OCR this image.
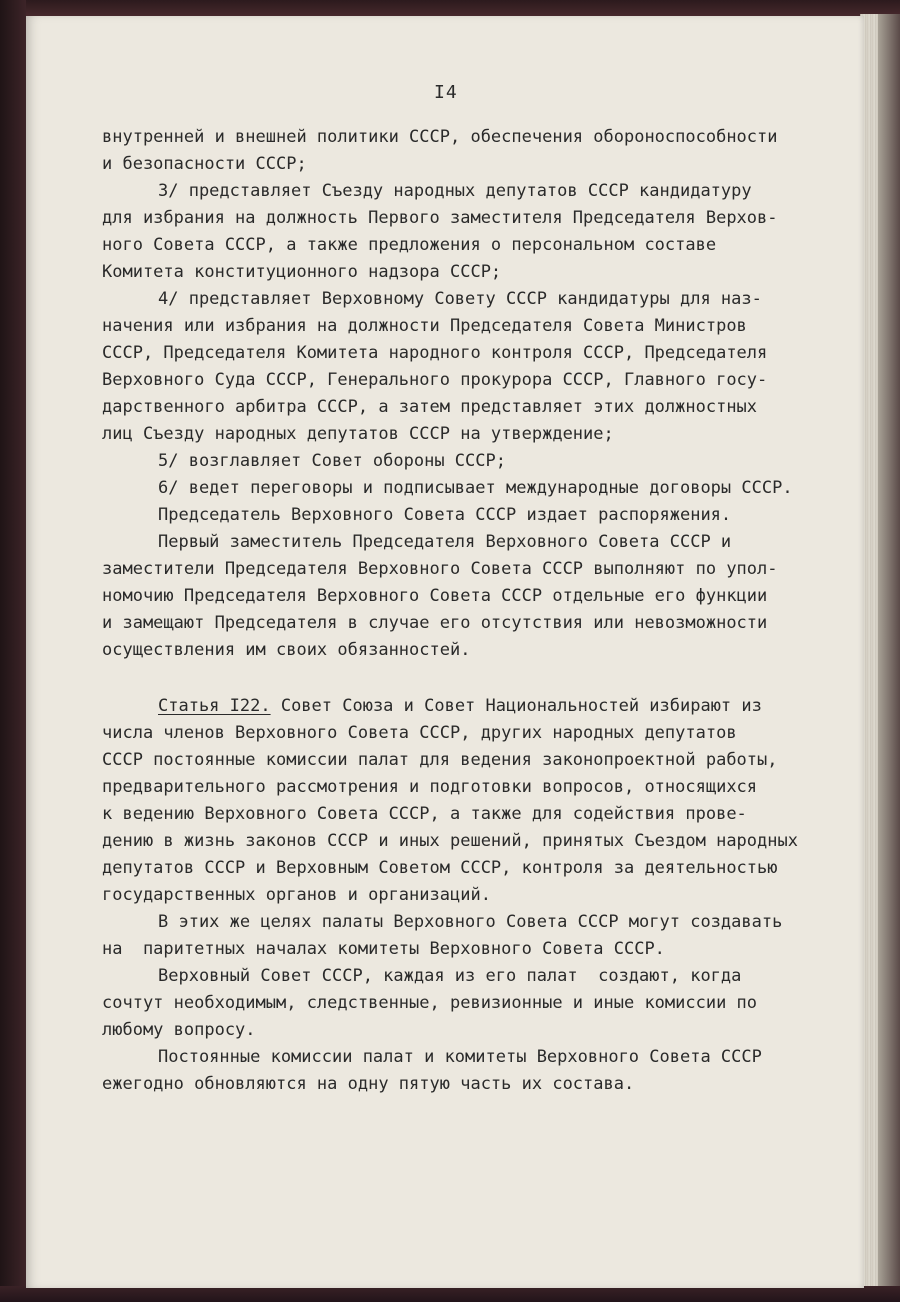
I4
внутренней и внешней политики СССР, обеспечения обороноспособности
и безопасности СССР;
3/ представляет Съезду народных депутатов СССР кандидатуру
для избрания на должность Первого заместителя Председателя Верхов-
ного Совета СССР, а также предложения о персональном составе
Комитета конституционного надзора СССР;
4/ представляет Верховному Совету СССР кандидатуры для наз-
начения или избрания на должности Председателя Совета Министров
СССР, Председателя Комитета народного контроля СССР, Председателя
Верховного Суда СССР, Генерального прокурора СССР, Главного госу-
дарственного арбитра СССР, а затем представляет этих должностных
лиц Съезду народных депутатов СССР на утверждение;
5/ возглавляет Совет обороны СССР;
6/ ведет переговоры и подписывает международные договоры СССР.
Председатель Верховного Совета СССР издает распоряжения.
Первый заместитель Председателя Верховного Совета СССР и
заместители Председателя Верховного Совета СССР выполняют по упол-
номочию Председателя Верховного Совета СССР отдельные его функции
и замещают Председателя в случае его отсутствия или невозможности
осуществления им своих обязанностей.
Статья I22. Совет Союза и Совет Национальностей избирают из
числа членов Верховного Совета СССР, других народных депутатов
СССР постоянные комиссии палат для ведения законопроектной работы,
предварительного рассмотрения и подготовки вопросов, относящихся
к ведению Верховного Совета СССР, а также для содействия прове-
дению в жизнь законов СССР и иных решений, принятых Съездом народных
депутатов СССР и Верховным Советом СССР, контроля за деятельностью
государственных органов и организаций.
В этих же целях палаты Верховного Совета СССР могут создавать
на  паритетных началах комитеты Верховного Совета СССР.
Верховный Совет СССР, каждая из его палат  создают, когда
сочтут необходимым, следственные, ревизионные и иные комиссии по
любому вопросу.
Постоянные комиссии палат и комитеты Верховного Совета СССР
ежегодно обновляются на одну пятую часть их состава.
